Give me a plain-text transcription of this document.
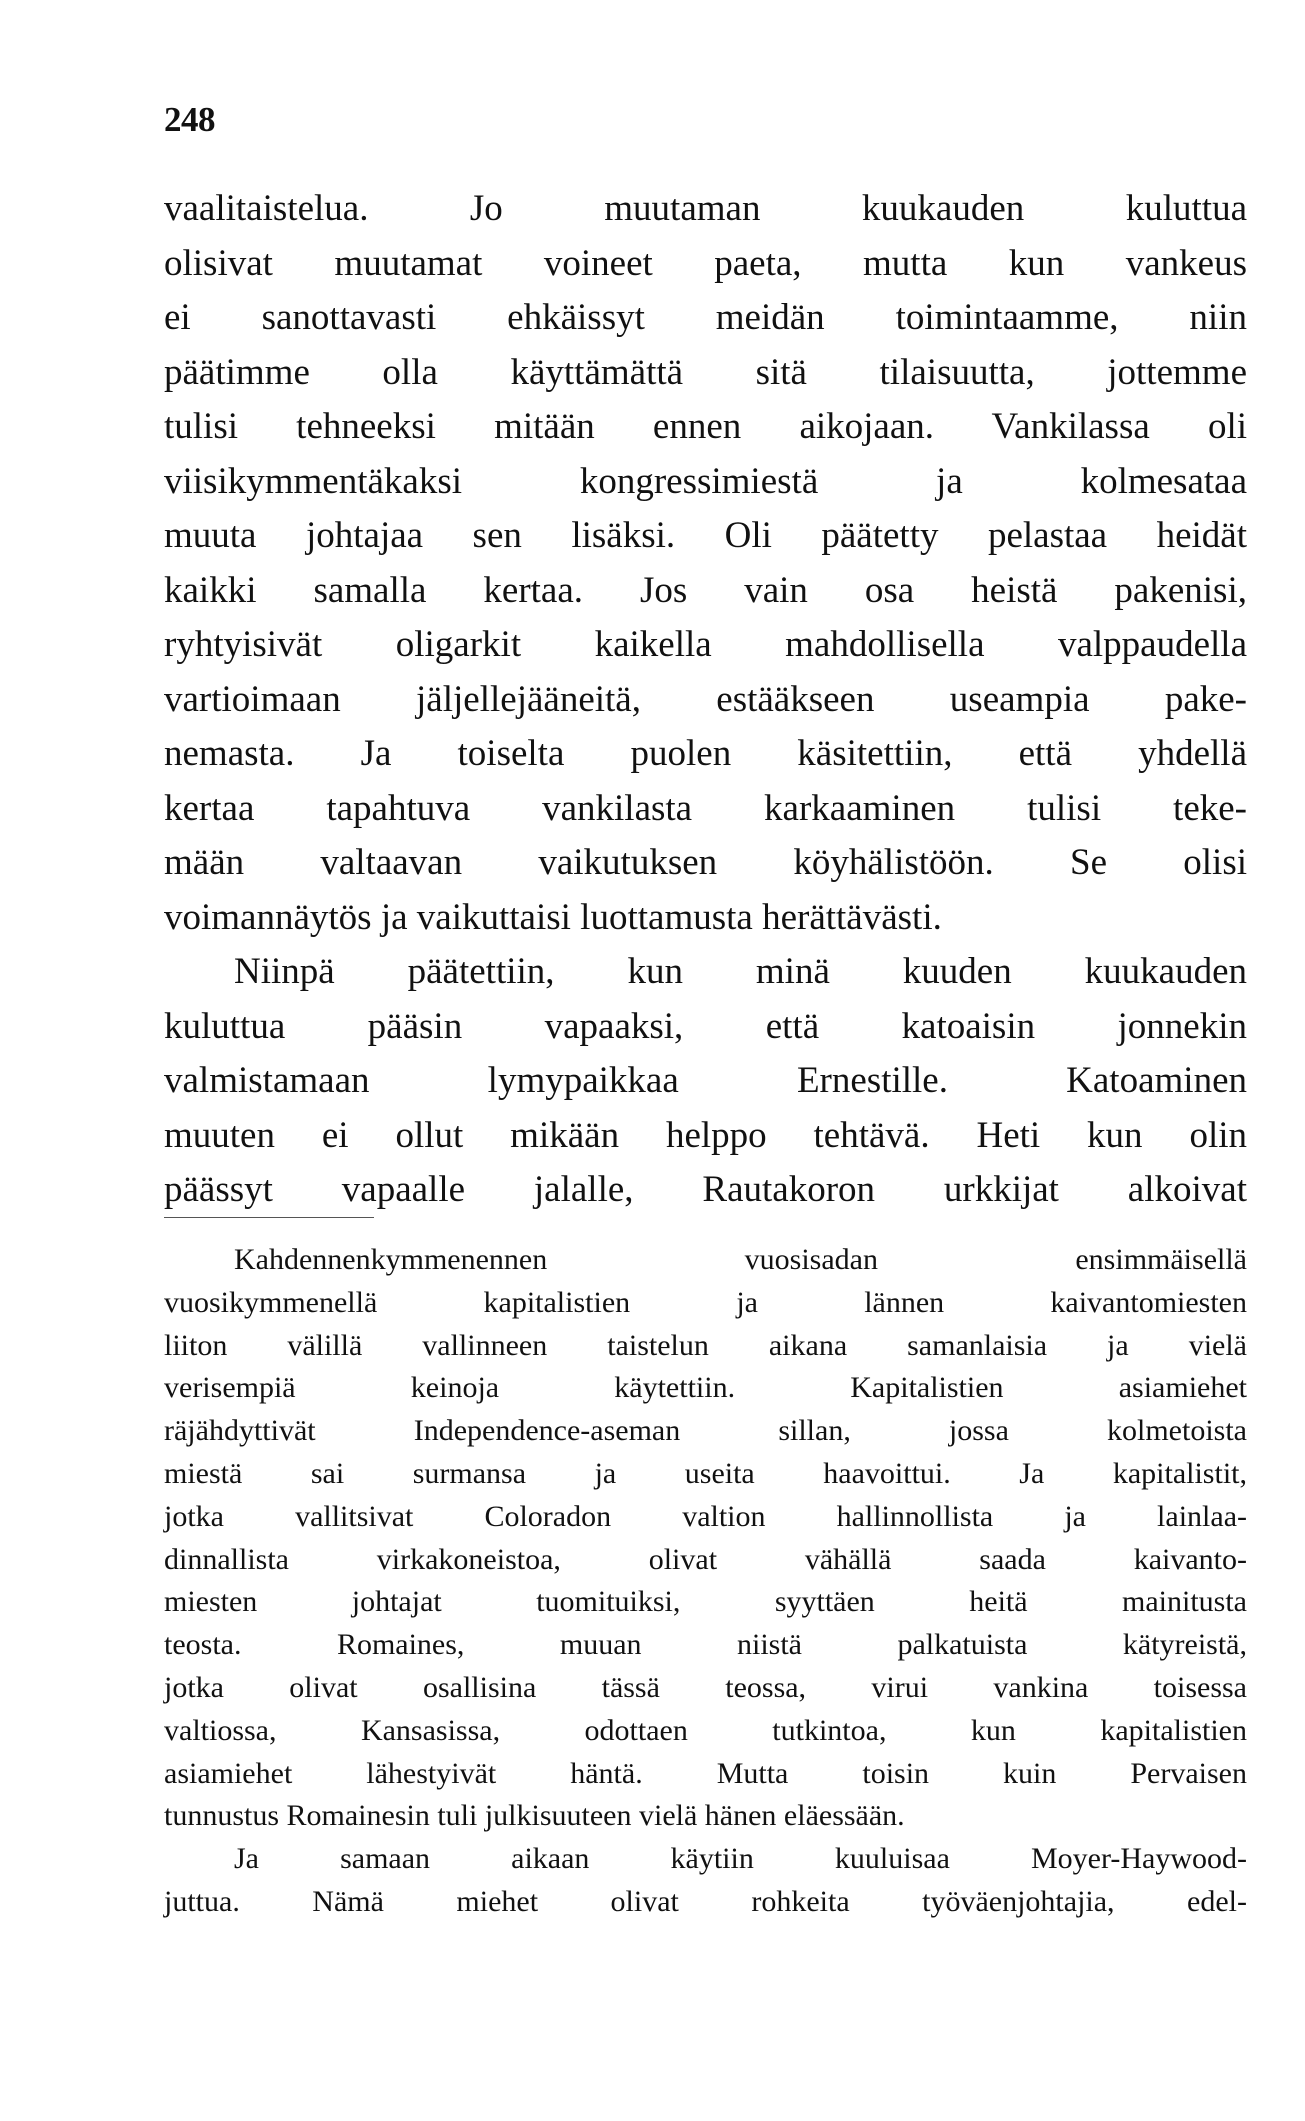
248
vaalitaistelua. Jo muutaman kuukauden kuluttua
olisivat muutamat voineet paeta, mutta kun vankeus
ei sanottavasti ehkäissyt meidän toimintaamme, niin
päätimme olla käyttämättä sitä tilaisuutta, jottemme
tulisi tehneeksi mitään ennen aikojaan. Vankilassa oli
viisikymmentäkaksi kongressimiestä ja kolmesataa
muuta johtajaa sen lisäksi. Oli päätetty pelastaa heidät
kaikki samalla kertaa. Jos vain osa heistä pakenisi,
ryhtyisivät oligarkit kaikella mahdollisella valppaudella
vartioimaan jäljellejääneitä, estääkseen useampia pake-
nemasta. Ja toiselta puolen käsitettiin, että yhdellä
kertaa tapahtuva vankilasta karkaaminen tulisi teke-
mään valtaavan vaikutuksen köyhälistöön. Se olisi
voimannäytös ja vaikuttaisi luottamusta herättävästi.
Niinpä päätettiin, kun minä kuuden kuukauden
kuluttua pääsin vapaaksi, että katoaisin jonnekin
valmistamaan lymypaikkaa Ernestille. Katoaminen
muuten ei ollut mikään helppo tehtävä. Heti kun olin
päässyt vapaalle jalalle, Rautakoron urkkijat alkoivat
Kahdennenkymmenennen vuosisadan ensimmäisellä
vuosikymmenellä kapitalistien ja lännen kaivantomiesten
liiton välillä vallinneen taistelun aikana samanlaisia ja vielä
verisempiä keinoja käytettiin. Kapitalistien asiamiehet
räjähdyttivät Independence-aseman sillan, jossa kolmetoista
miestä sai surmansa ja useita haavoittui. Ja kapitalistit,
jotka vallitsivat Coloradon valtion hallinnollista ja lainlaa-
dinnallista virkakoneistoa, olivat vähällä saada kaivanto-
miesten johtajat tuomituiksi, syyttäen heitä mainitusta
teosta. Romaines, muuan niistä palkatuista kätyreistä,
jotka olivat osallisina tässä teossa, virui vankina toisessa
valtiossa, Kansasissa, odottaen tutkintoa, kun kapitalistien
asiamiehet lähestyivät häntä. Mutta toisin kuin Pervaisen
tunnustus Romainesin tuli julkisuuteen vielä hänen eläessään.
Ja samaan aikaan käytiin kuuluisaa Moyer-Haywood-
juttua. Nämä miehet olivat rohkeita työväenjohtajia, edel-
